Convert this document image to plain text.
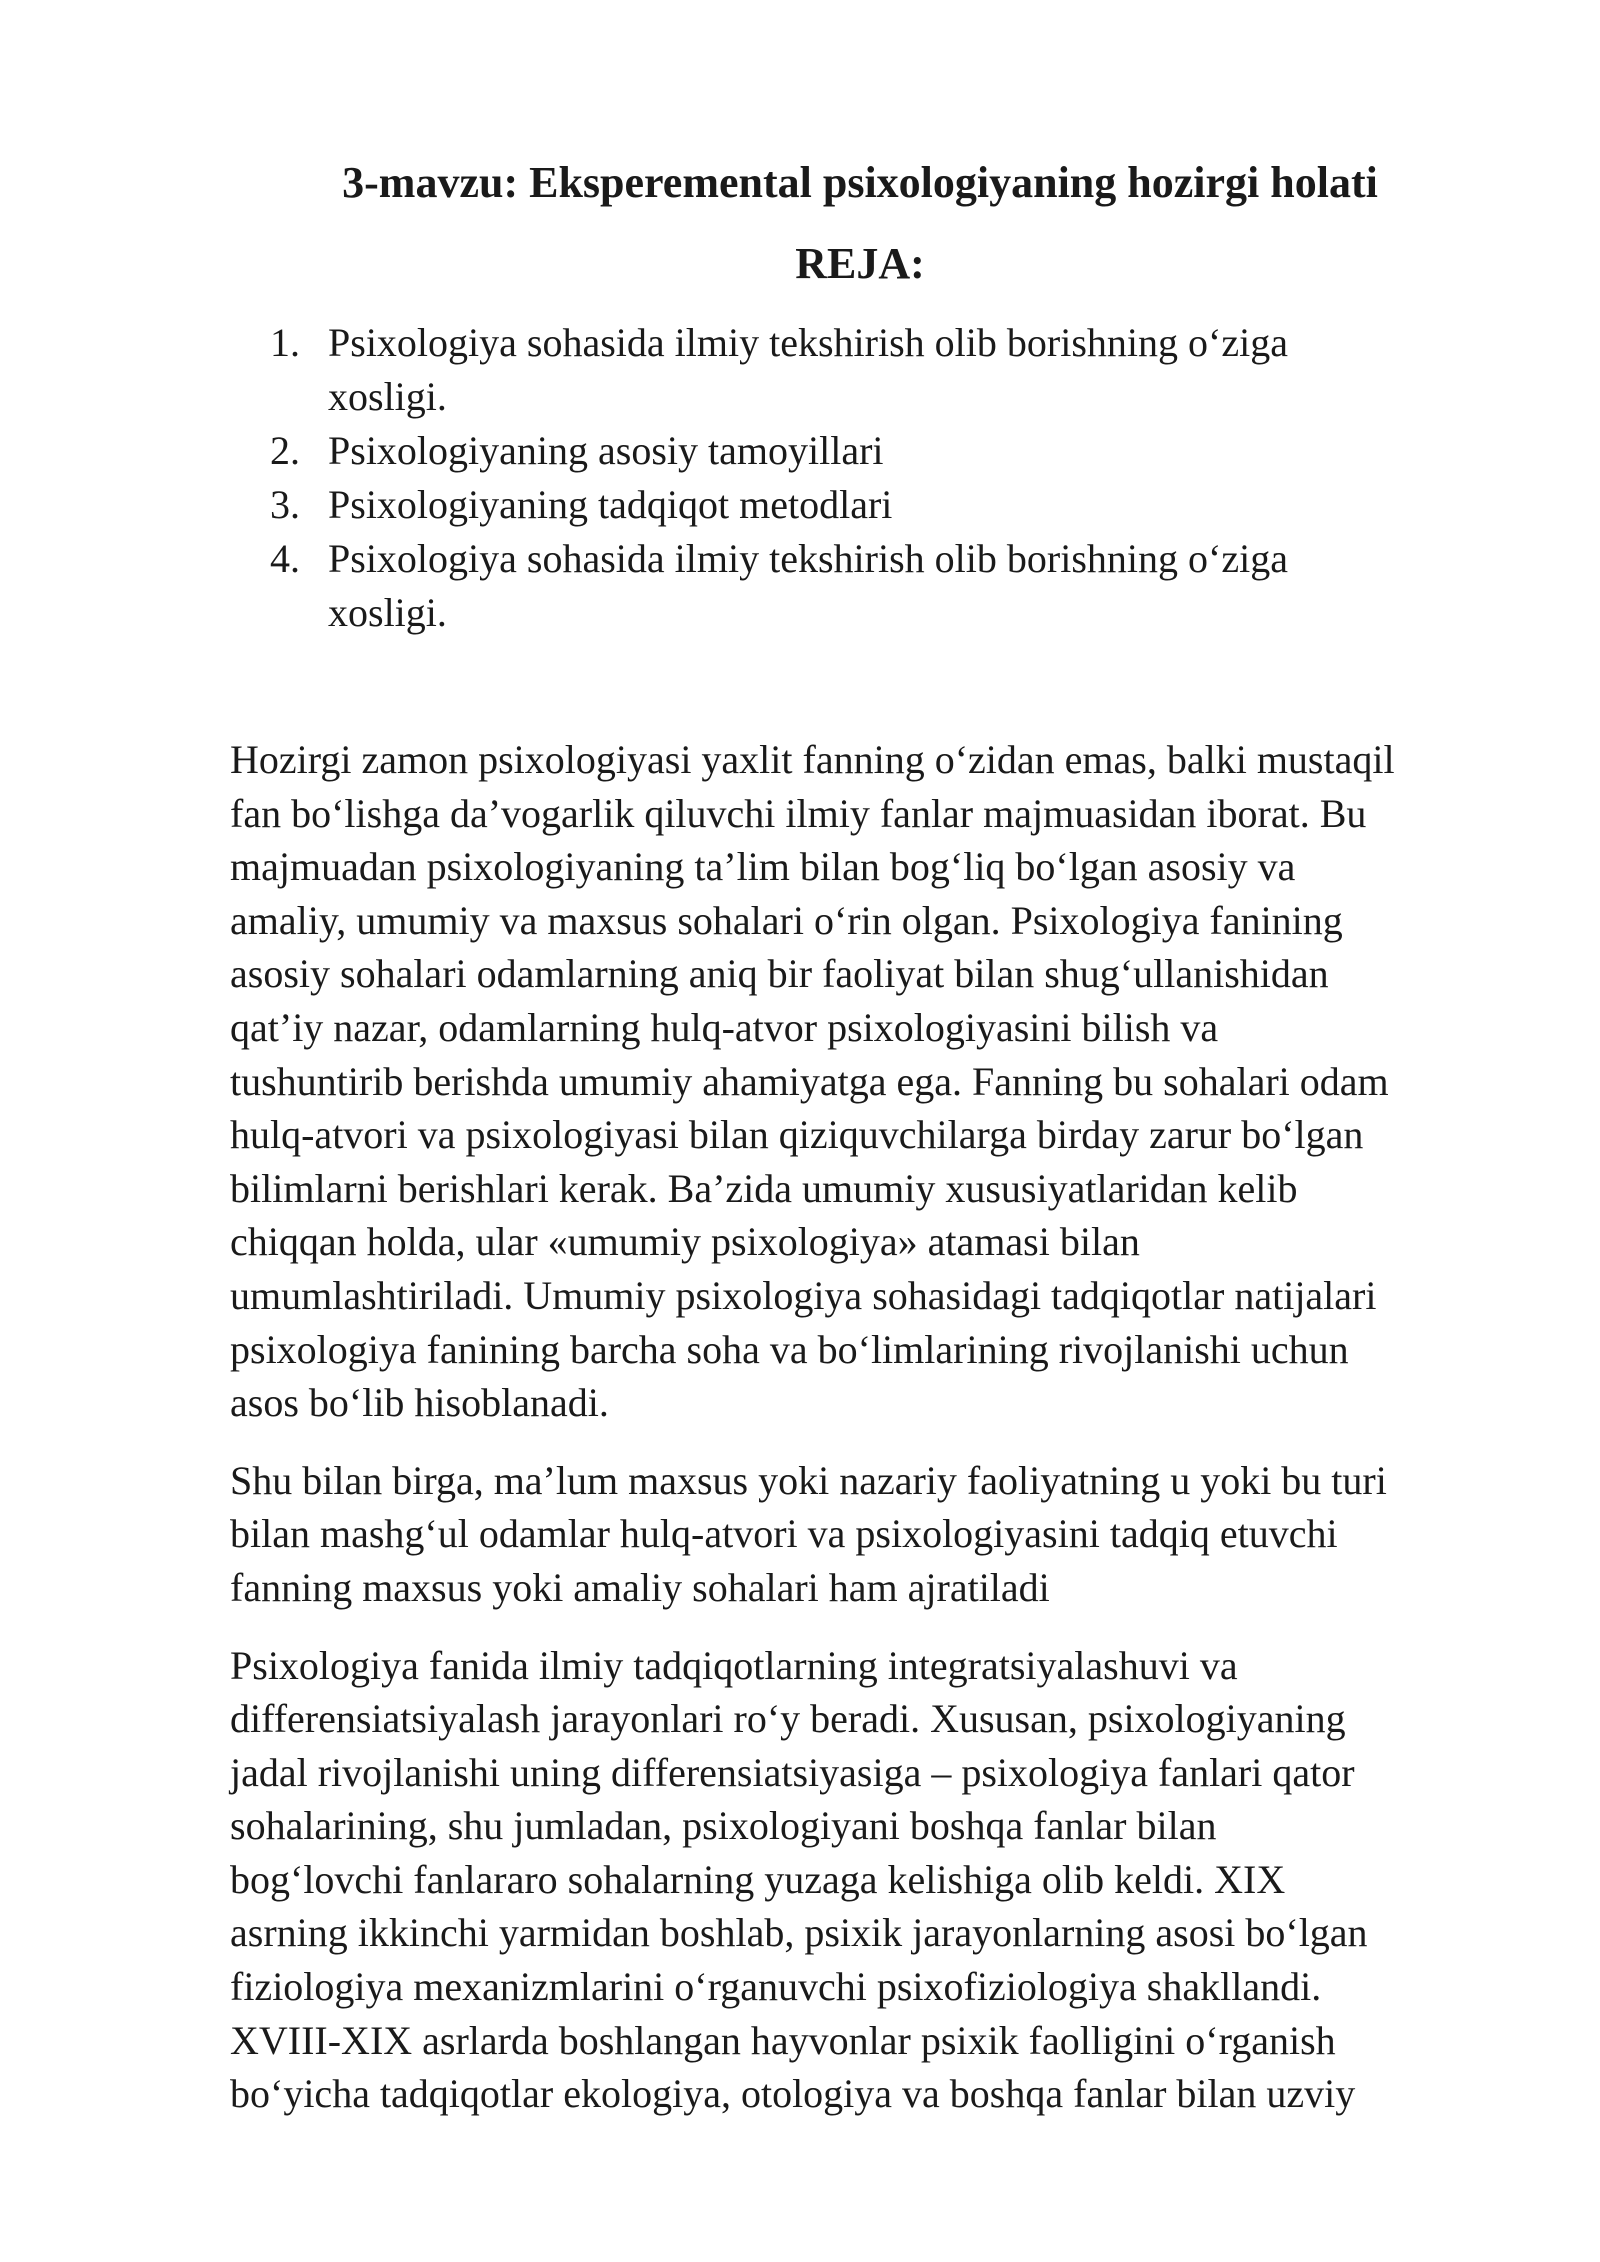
3-mavzu: Eksperemental psixologiyaning hozirgi holati
REJA:
1. Psixologiya sohasida ilmiy tekshirish olib borishning o‘ziga
xosligi.
2. Psixologiyaning asosiy tamoyillari
3. Psixologiyaning tadqiqot metodlari
4. Psixologiya sohasida ilmiy tekshirish olib borishning o‘ziga
xosligi.

Hozirgi zamon psixologiyasi yaxlit fanning o‘zidan emas, balki mustaqil
fan bo‘lishga da’vogarlik qiluvchi ilmiy fanlar majmuasidan iborat. Bu
majmuadan psixologiyaning ta’lim bilan bog‘liq bo‘lgan asosiy va
amaliy, umumiy va maxsus sohalari o‘rin olgan. Psixologiya fanining
asosiy sohalari odamlarning aniq bir faoliyat bilan shug‘ullanishidan
qat’iy nazar, odamlarning hulq-atvor psixologiyasini bilish va
tushuntirib berishda umumiy ahamiyatga ega. Fanning bu sohalari odam
hulq-atvori va psixologiyasi bilan qiziquvchilarga birday zarur bo‘lgan
bilimlarni berishlari kerak. Ba’zida umumiy xususiyatlaridan kelib
chiqqan holda, ular «umumiy psixologiya» atamasi bilan
umumlashtiriladi. Umumiy psixologiya sohasidagi tadqiqotlar natijalari
psixologiya fanining barcha soha va bo‘limlarining rivojlanishi uchun
asos bo‘lib hisoblanadi.

Shu bilan birga, ma’lum maxsus yoki nazariy faoliyatning u yoki bu turi
bilan mashg‘ul odamlar hulq-atvori va psixologiyasini tadqiq etuvchi
fanning maxsus yoki amaliy sohalari ham ajratiladi

Psixologiya fanida ilmiy tadqiqotlarning integratsiyalashuvi va
differensiatsiyalash jarayonlari ro‘y beradi. Xususan, psixologiyaning
jadal rivojlanishi uning differensiatsiyasiga – psixologiya fanlari qator
sohalarining, shu jumladan, psixologiyani boshqa fanlar bilan
bog‘lovchi fanlararo sohalarning yuzaga kelishiga olib keldi. XIX
asrning ikkinchi yarmidan boshlab, psixik jarayonlarning asosi bo‘lgan
fiziologiya mexanizmlarini o‘rganuvchi psixofiziologiya shakllandi.
XVIII-XIX asrlarda boshlangan hayvonlar psixik faolligini o‘rganish
bo‘yicha tadqiqotlar ekologiya, otologiya va boshqa fanlar bilan uzviy
